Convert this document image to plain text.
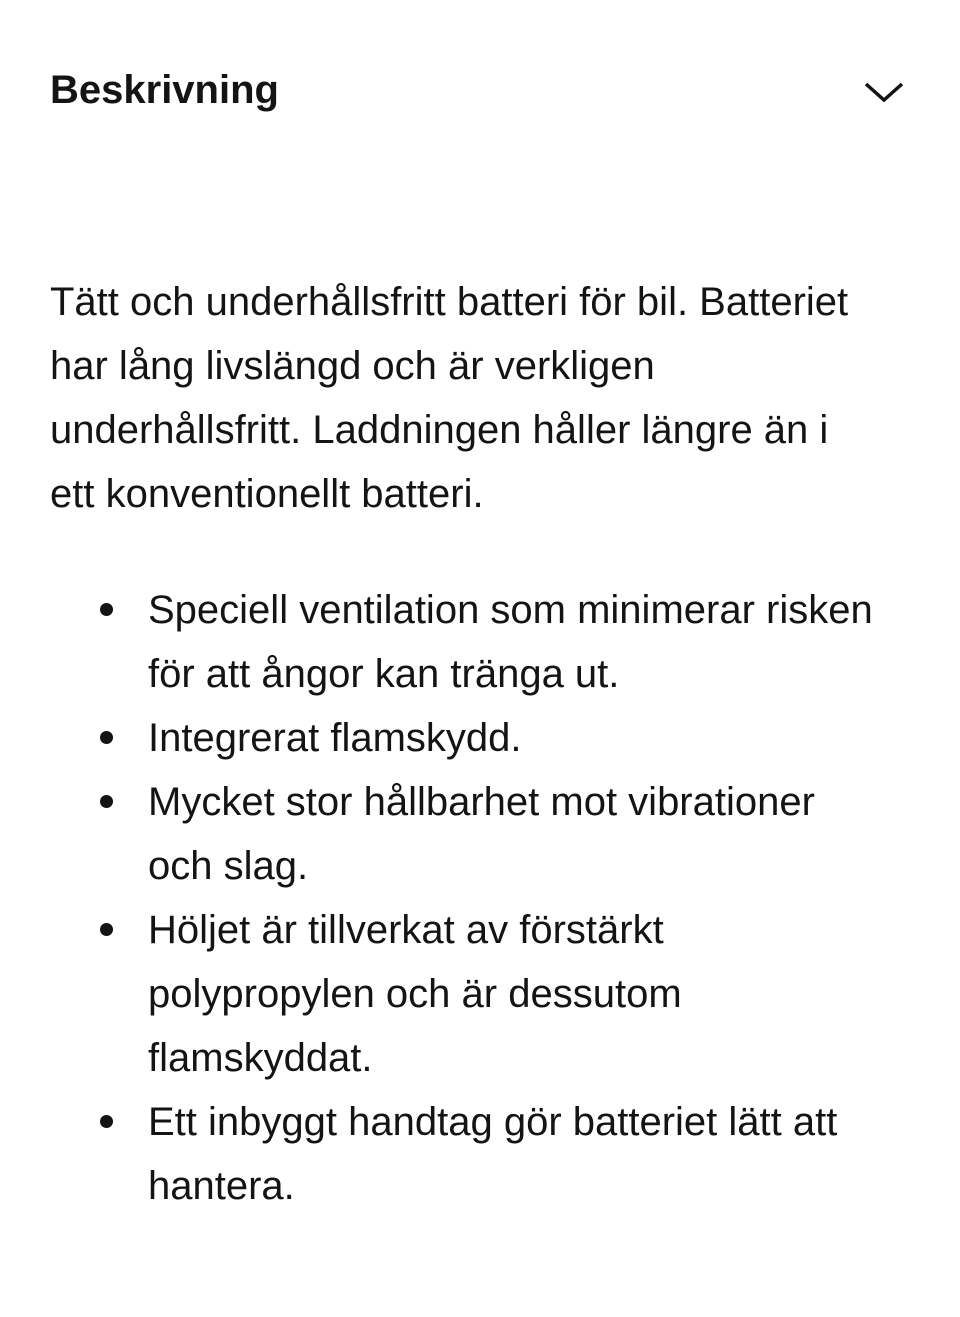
Beskrivning

Tätt och underhållsfritt batteri för bil. Batteriet har lång livslängd och är verkligen underhållsfritt. Laddningen håller längre än i ett konventionellt batteri.

Speciell ventilation som minimerar risken för att ångor kan tränga ut.
Integrerat flamskydd.
Mycket stor hållbarhet mot vibrationer och slag.
Höljet är tillverkat av förstärkt polypropylen och är dessutom flamskyddat.
Ett inbyggt handtag gör batteriet lätt att hantera.
